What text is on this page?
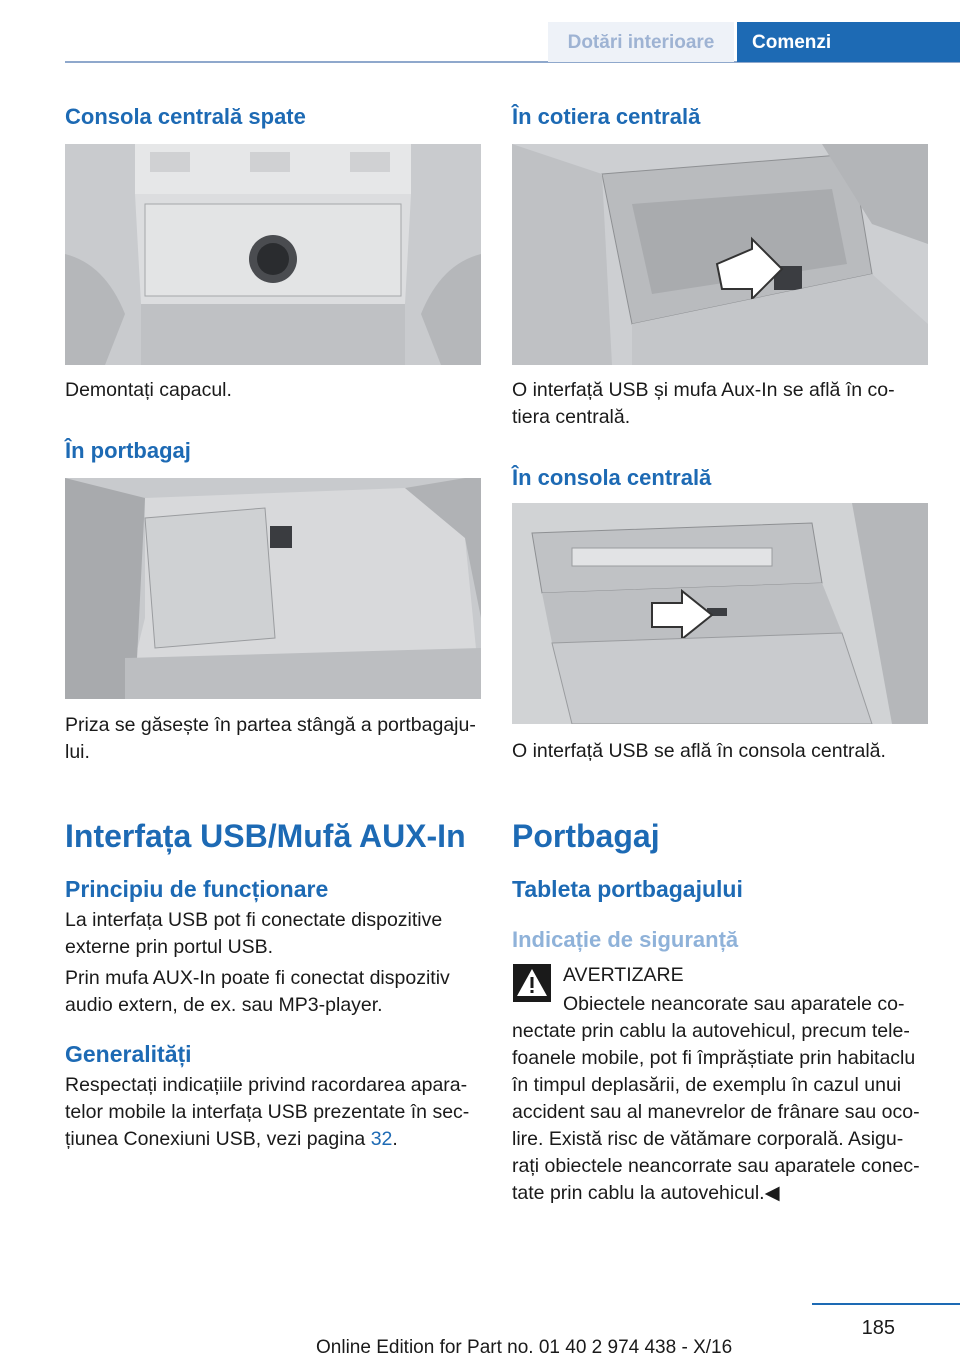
Dotări interioare	Comenzi
Consola centrală spate
Demontați capacul.
În portbagaj
Priza se găsește în partea stângă a portbagaju‐lui.
Interfața USB/Mufă AUX-In
Principiu de funcționare
La interfața USB pot fi conectate dispozitive externe prin portul USB.
Prin mufa AUX-In poate fi conectat dispozitiv audio extern, de ex. sau MP3-player.
Generalități
Respectați indicațiile privind racordarea apara‐telor mobile la interfața USB prezentate în sec‐țiunea Conexiuni USB, vezi pagina 32.
În cotiera centrală
O interfață USB și mufa Aux-In se află în co‐tiera centrală.
În consola centrală
O interfață USB se află în consola centrală.
Portbagaj
Tableta portbagajului
Indicație de siguranță
AVERTIZARE
Obiectele neancorate sau aparatele co‐nectate prin cablu la autovehicul, precum tele‐foanele mobile, pot fi împrăștiate prin habitaclu în timpul deplasării, de exemplu în cazul unui accident sau al manevrelor de frânare sau oco‐lire. Există risc de vătămare corporală. Asigu‐rați obiectele neancorrate sau aparatele conec‐tate prin cablu la autovehicul.◀
185
Online Edition for Part no. 01 40 2 974 438 - X/16
